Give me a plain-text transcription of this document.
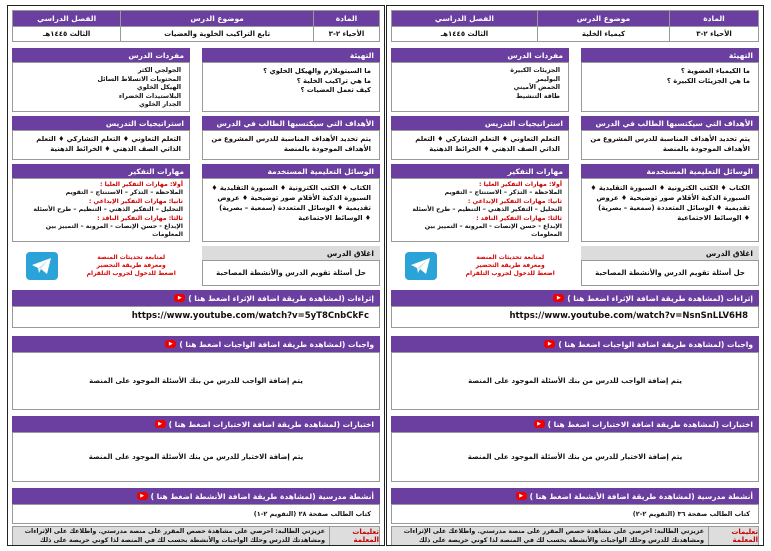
المادة	موضوع الدرس	الفصل الدراسي
الأحياء ٢-٣	تابع التراكيب الخلوية والعضيات	الثالث ١٤٤٥هـ
التهيئة
ما السيتوبلازم والهيكل الخلوي ؟
ما هي تراكيب الخلية ؟
كيف تعمل العضيات ؟
مفردات الدرس
الجولجي الكثر
المحتويات الاتسلاط السائل
الهيكل الخلوي
البلاستيدات الخضراء
الجدار الخلوي
الأهداف التي سيكتسبها الطالب في الدرس
يتم تحديد الأهداف المناسبة للدرس المشروع من الأهداف الموجودة بالمنصة
استراتيجيات التدريس
التعلم التعاوني ♦ التعلم التشاركي ♦ التعلم الذاتي الصف الذهني ♦ الخرائط الذهنية
الوسائل التعليمية المستخدمة
الكتاب ♦ الكتب الكترونية ♦ السبورة التقليدية ♦ السبورة الذكية الأقلام صور توضيحية ♦ عروض تقديمية ♦ الوسائل المتعددة (سمعية – بصرية) ♦ الوسائط الاجتماعية
مهارات التفكير
أولا: مهارات التفكير العليا :
الملاحظة – التذكر – الاستنتاج – التقويم
ثانيا: مهارات التفكير الإبداعي :
التحليل – التفكير الذهني – التنظيم – طرح الأسئلة
ثالثا: مهارات التفكير الناقد :
الإبداع - حسن الإنصات - المرونة – التمييز بين المعلومات
اغلاق الدرس
حل أسئلة تقويم الدرس والأنشطة المصاحبة
لمتابعة تحديثات المنصة
ومعرفة طريقة التحضير
اضغط للدخول لجروب التلقرام
إثراءات (لمشاهدة طريقة اضافة الإثراء اضغط هنا )
▶
https://www.youtube.com/watch?v=5yT8CnbCkFc
واجبات (لمشاهدة طريقة اضافة الواجبات اضغط هنا )
▶
يتم إضافة الواجب للدرس من بنك الأسئلة الموجود على المنصة
اختبارات (لمشاهدة طريقة اضافة الاختبارات اضغط هنا )
▶
يتم إضافة الاختبار للدرس من بنك الأسئلة الموجود على المنصة
أنشطة مدرسية (لمشاهدة طريقة اضافة الأنشطة اضغط هنا )
▶
كتاب الطالب صفحة ٢٨ (التقويم ٢-١)
تعليمات المعلمة
عزيزتي الطالبة: احرصي على مشاهدة حصص المقرر على منصة مدرستي. واطلاعك على الإثراءات ومشاهدتك للدرس وحلك الواجبات والأنشطة بحسب لك في المنصة لذا كوني حريصة على ذلك
المادة	موضوع الدرس	الفصل الدراسي
الأحياء ٢-٣	كيمياء الخلية	الثالث ١٤٤٥هـ
التهيئة
ما الكيمياء العضوية ؟
ما هي الجزيئات الكبيرة ؟
مفردات الدرس
الجزيئات الكبيرة
البوليمر
الحمض الأميني
طاقة التنشيط
الأهداف التي سيكتسبها الطالب في الدرس
يتم تحديد الأهداف المناسبة للدرس المشروع من الأهداف الموجودة بالمنصة
استراتيجيات التدريس
التعلم التعاوني ♦ التعلم التشاركي ♦ التعلم الذاتي الصف الذهني ♦ الخرائط الذهنية
الوسائل التعليمية المستخدمة
الكتاب ♦ الكتب الكترونية ♦ السبورة التقليدية ♦ السبورة الذكية الأقلام صور توضيحية ♦ عروض تقديمية ♦ الوسائل المتعددة (سمعية – بصرية) ♦ الوسائط الاجتماعية
مهارات التفكير
أولا: مهارات التفكير العليا :
الملاحظة – التذكر – الاستنتاج – التقويم
ثانيا: مهارات التفكير الإبداعي :
التحليل – التفكير الذهني – التنظيم – طرح الأسئلة
ثالثا: مهارات التفكير الناقد :
الإبداع - حسن الإنصات - المرونة – التمييز بين المعلومات
اغلاق الدرس
حل أسئلة تقويم الدرس والأنشطة المصاحبة
لمتابعة تحديثات المنصة
ومعرفة طريقة التحضير
اضغط للدخول لجروب التلقرام
إثراءات (لمشاهدة طريقة اضافة الإثراء اضغط هنا )
▶
https://www.youtube.com/watch?v=NsnSnLLV6H8
واجبات (لمشاهدة طريقة اضافة الواجبات اضغط هنا )
▶
يتم إضافة الواجب للدرس من بنك الأسئلة الموجود على المنصة
اختبارات (لمشاهدة طريقة اضافة الاختبارات اضغط هنا )
▶
يتم إضافة الاختبار للدرس من بنك الأسئلة الموجود على المنصة
أنشطة مدرسية (لمشاهدة طريقة اضافة الأنشطة اضغط هنا )
▶
كتاب الطالب صفحة ٣٦ (التقويم ٢-٢)
تعليمات المعلمة
عزيزتي الطالبة: احرصي على مشاهدة حصص المقرر على منصة مدرستي. واطلاعك على الإثراءات ومشاهدتك للدرس وحلك الواجبات والأنشطة بحسب لك في المنصة لذا كوني حريصة على ذلك
